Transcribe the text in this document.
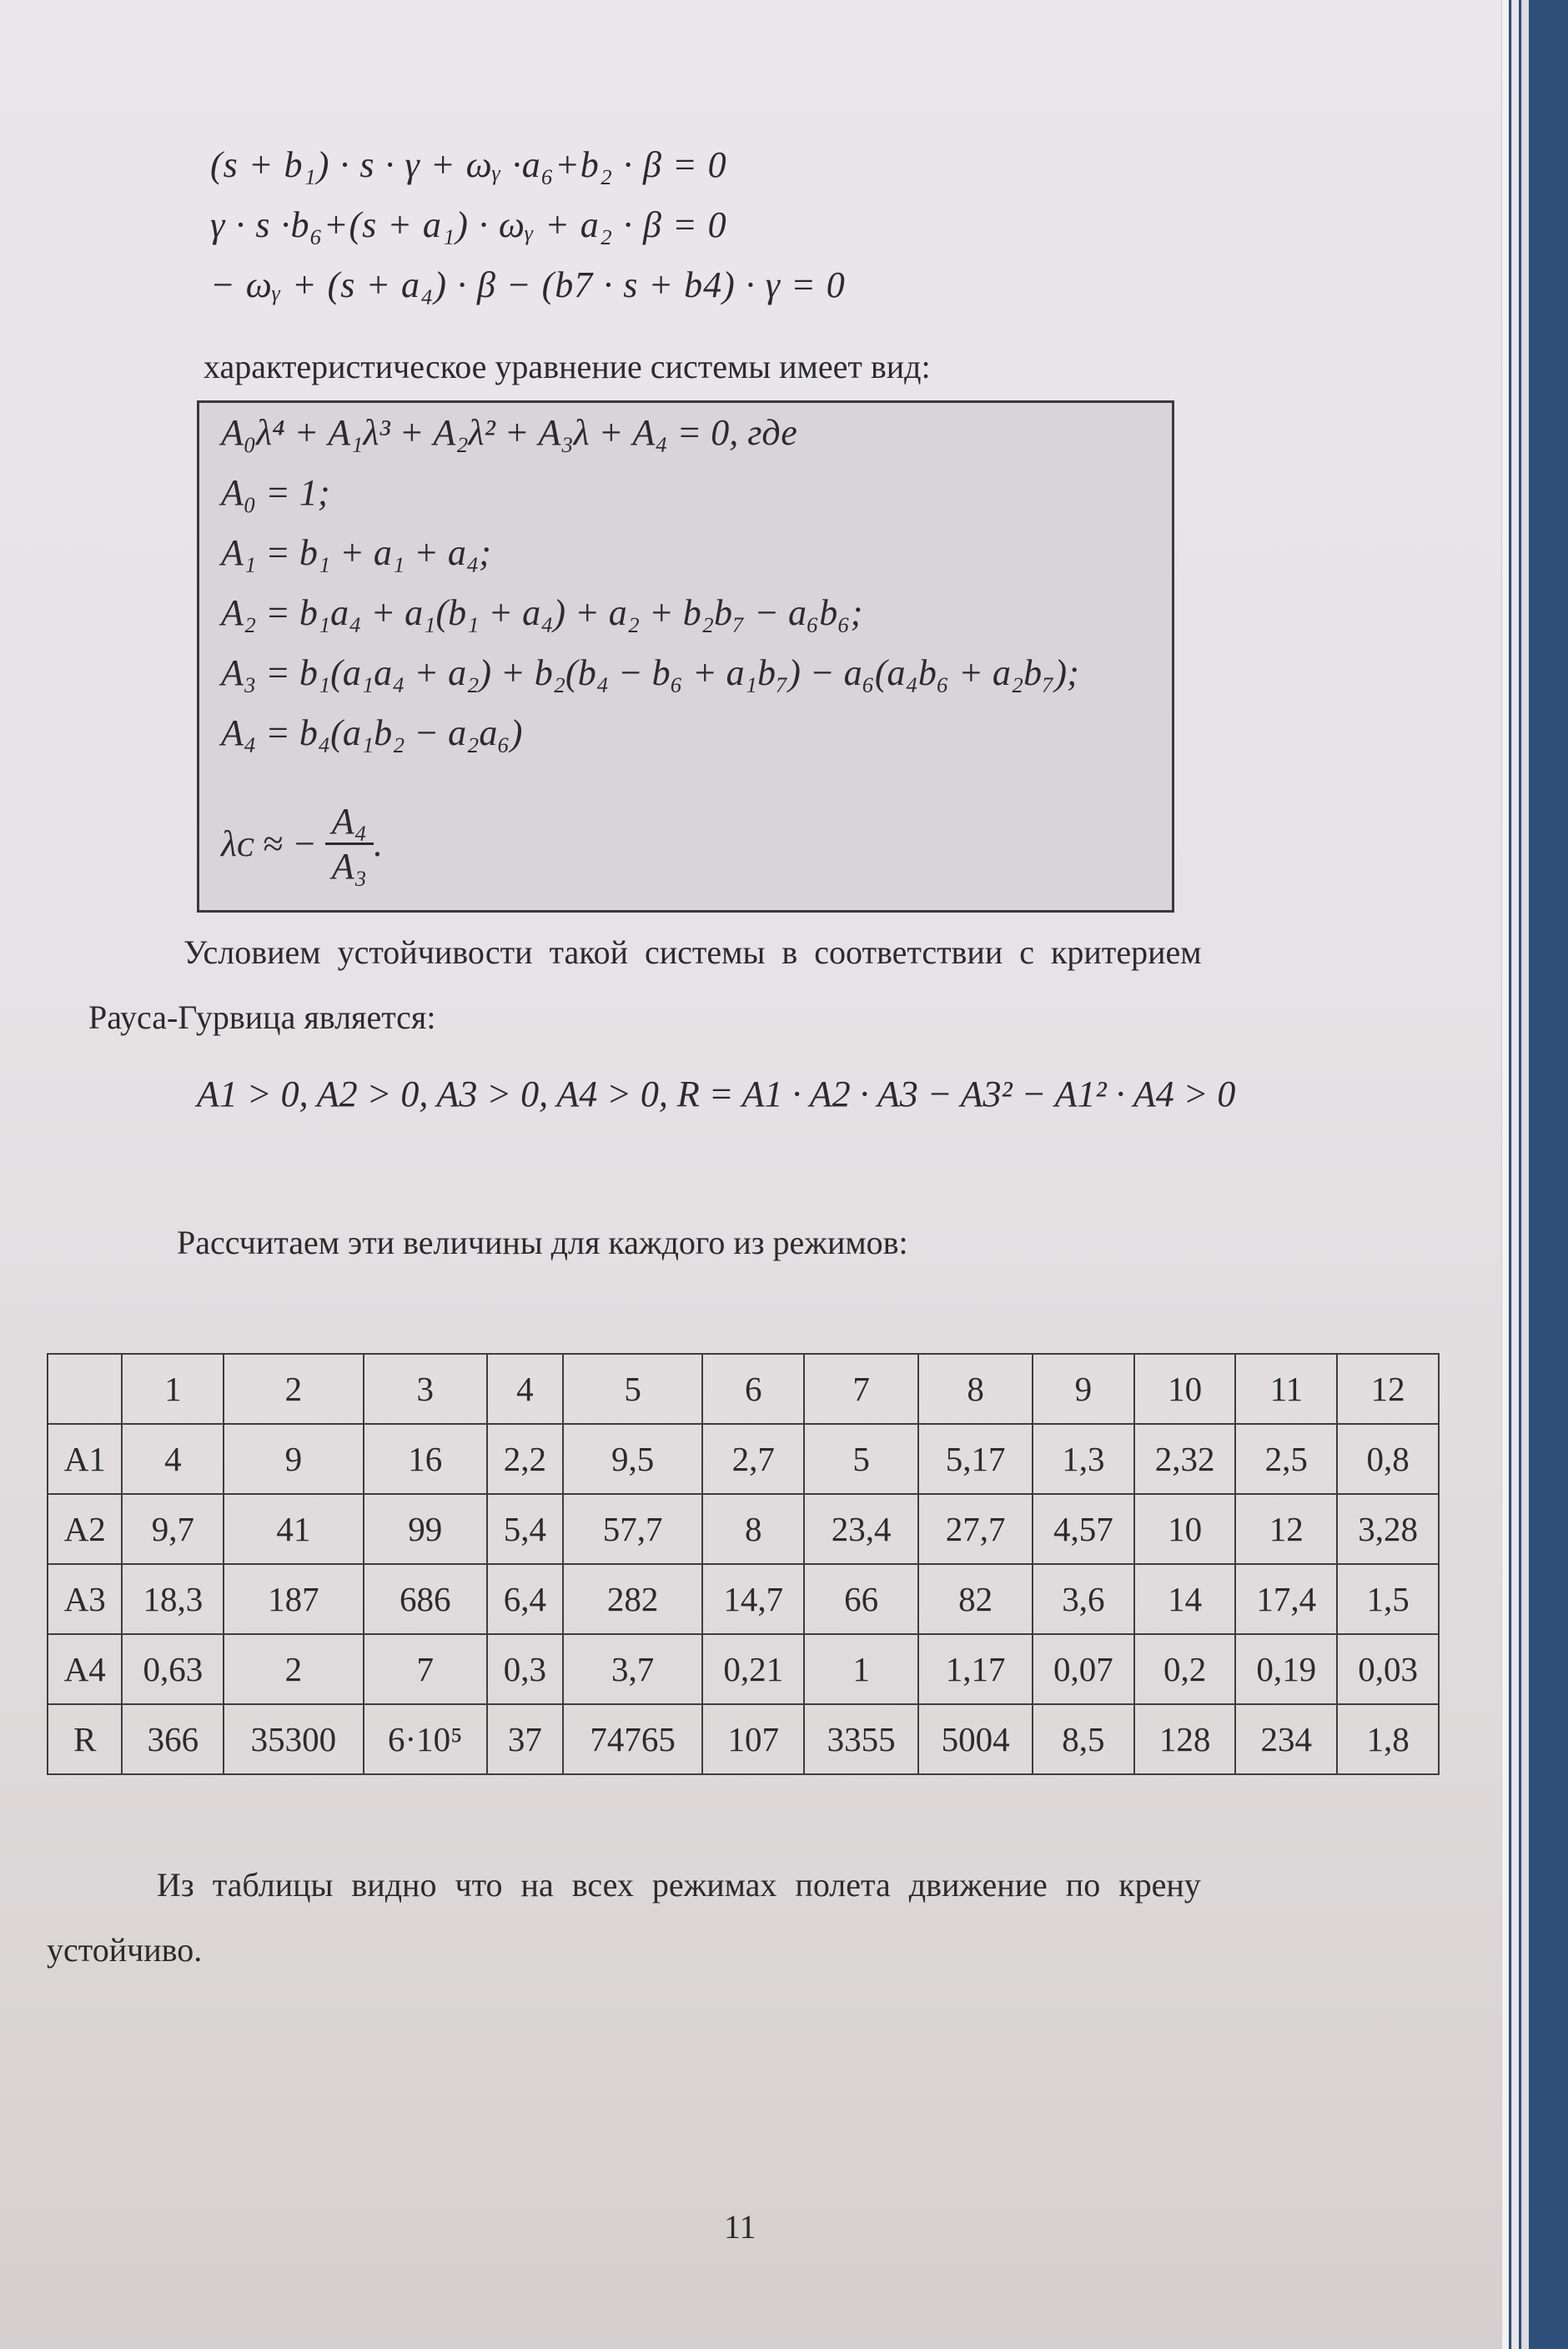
(s + b₁) · s · γ + ωᵧ ·a₆+b₂ · β = 0

γ · s ·b₆+(s + a₁) · ωᵧ + a₂ · β = 0

− ωᵧ + (s + a₄) · β − (b7 · s + b4) · γ = 0

характеристическое уравнение системы имеет вид:

A₀λ⁴ + A₁λ³ + A₂λ² + A₃λ + A₄ = 0, где

A₀ = 1;

A₁ = b₁ + a₁ + a₄;

A₂ = b₁a₄ + a₁(b₁ + a₄) + a₂ + b₂b₇ − a₆b₆;

A₃ = b₁(a₁a₄ + a₂) + b₂(b₄ − b₆ + a₁b₇) − a₆(a₄b₆ + a₂b₇);

A₄ = b₄(a₁b₂ − a₂a₆)

λᴄ ≈ − $\frac{\text{A₄}}{\text{A₃}}$ .

Условием устойчивости такой системы в соответствии с критерием

Рауса-Гурвица является:

A1 > 0, A2 > 0, A3 > 0, A4 > 0, R = A1 · A2 · A3 − A3² − A1² · A4 > 0

Рассчитаем эти величины для каждого из режимов:

	1	2	3	4	5	6	7	8	9	10	11	12
A1	4	9	16	2,2	9,5	2,7	5	5,17	1,3	2,32	2,5	0,8
A2	9,7	41	99	5,4	57,7	8	23,4	27,7	4,57	10	12	3,28
A3	18,3	187	686	6,4	282	14,7	66	82	3,6	14	17,4	1,5
A4	0,63	2	7	0,3	3,7	0,21	1	1,17	0,07	0,2	0,19	0,03
R	366	35300	6·10⁵	37	74765	107	3355	5004	8,5	128	234	1,8

Из таблицы видно что на всех режимах полета движение по крену

устойчиво.

11
